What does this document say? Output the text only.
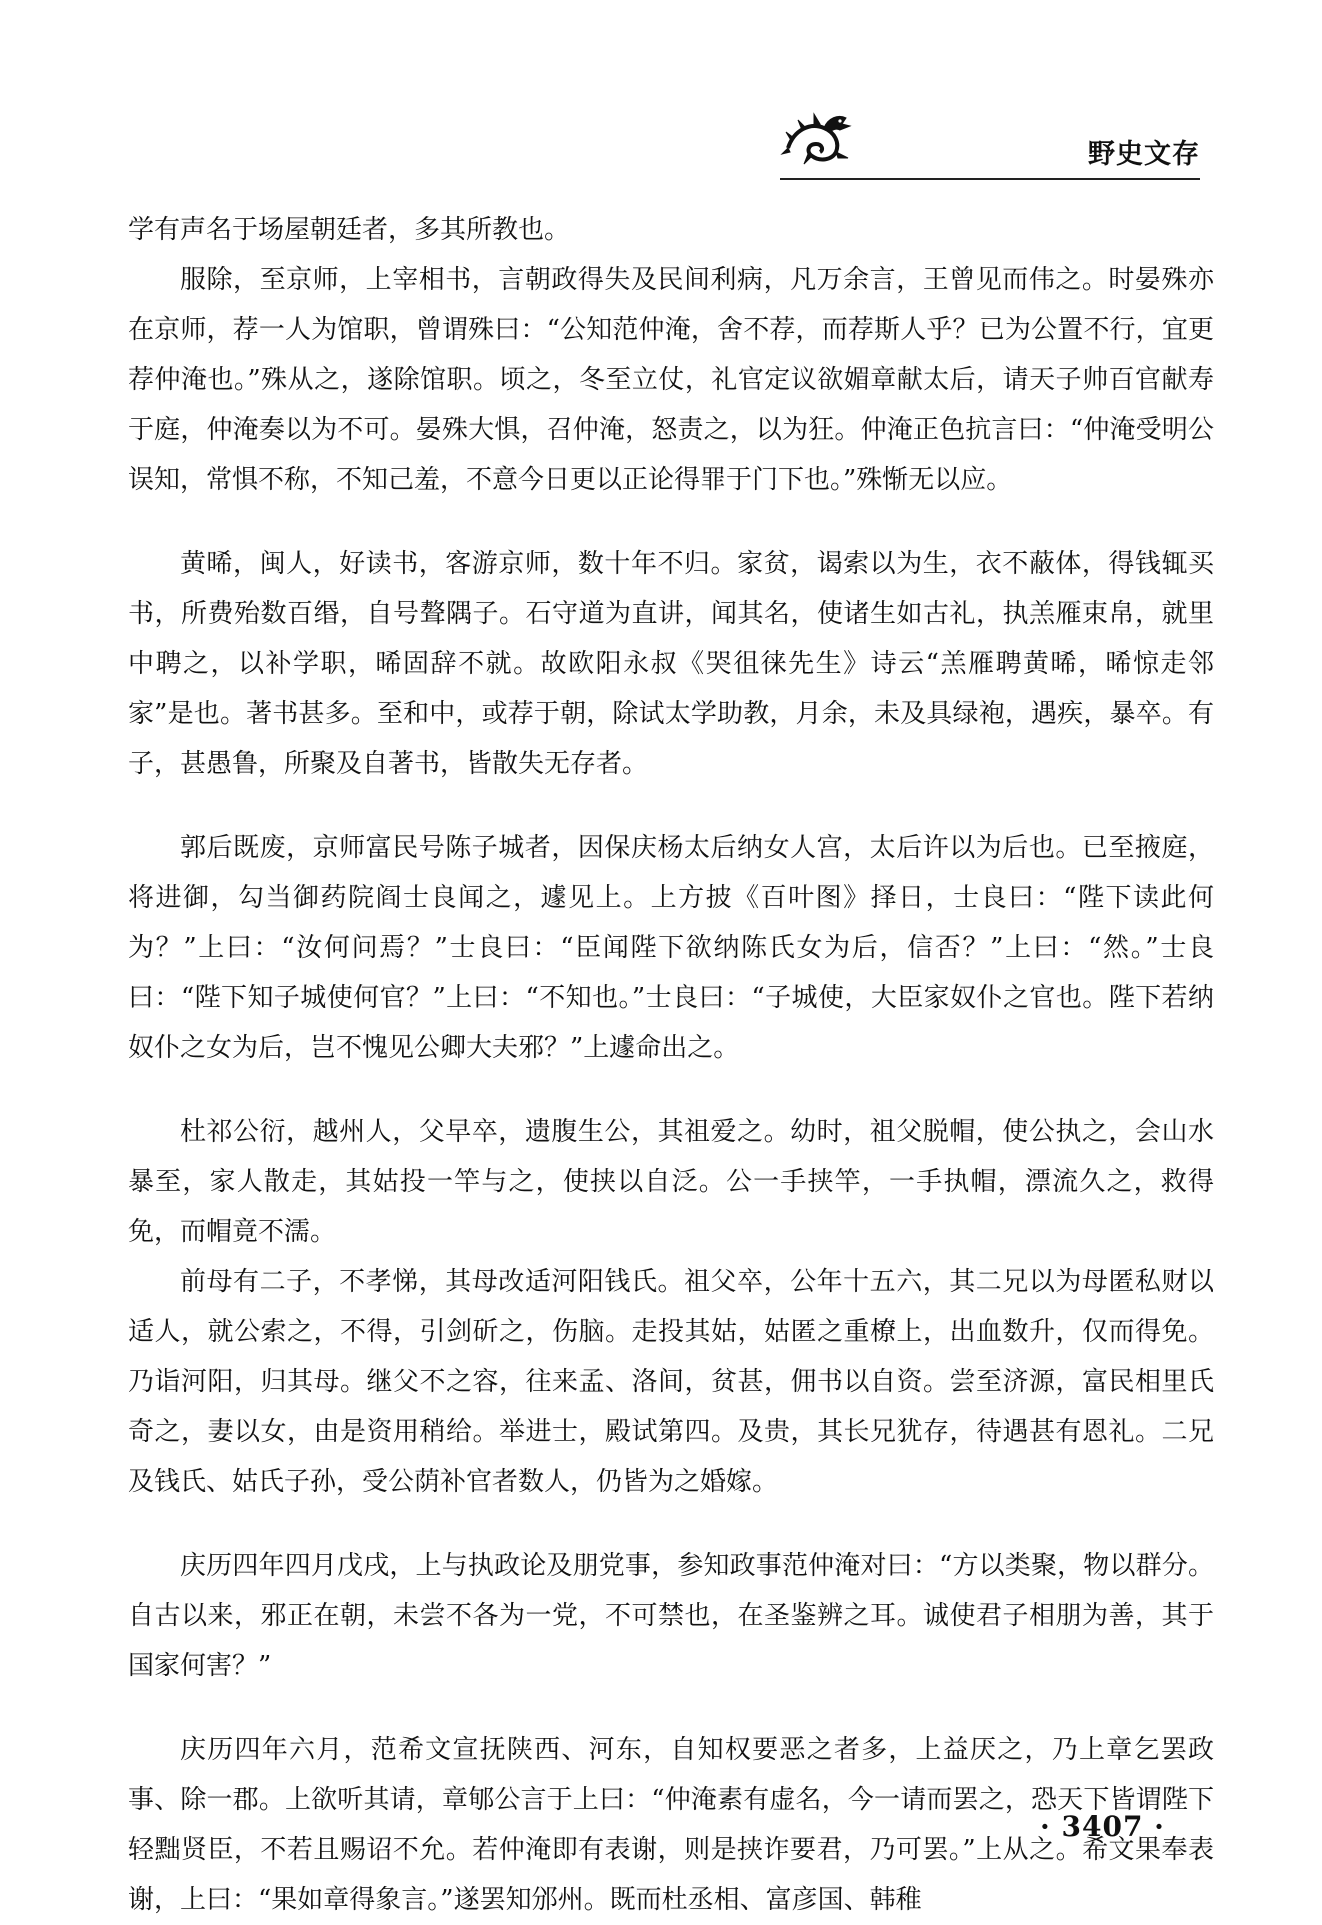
野史文存

学有声名于场屋朝廷者，多其所教也。

服除，至京师，上宰相书，言朝政得失及民间利病，凡万余言，王曾见而伟之。时晏殊亦在京师，荐一人为馆职，曾谓殊曰：“公知范仲淹，舍不荐，而荐斯人乎？已为公置不行，宜更荐仲淹也。”殊从之，遂除馆职。顷之，冬至立仗，礼官定议欲媚章献太后，请天子帅百官献寿于庭，仲淹奏以为不可。晏殊大惧，召仲淹，怒责之，以为狂。仲淹正色抗言曰：“仲淹受明公误知，常惧不称，不知己羞，不意今日更以正论得罪于门下也。”殊惭无以应。

黄晞，闽人，好读书，客游京师，数十年不归。家贫，谒索以为生，衣不蔽体，得钱辄买书，所费殆数百缗，自号聱隅子。石守道为直讲，闻其名，使诸生如古礼，执羔雁束帛，就里中聘之，以补学职，晞固辞不就。故欧阳永叔《哭徂徕先生》诗云“羔雁聘黄晞，晞惊走邻家”是也。著书甚多。至和中，或荐于朝，除试太学助教，月余，未及具绿袍，遇疾，暴卒。有子，甚愚鲁，所聚及自著书，皆散失无存者。

郭后既废，京师富民号陈子城者，因保庆杨太后纳女人宫，太后许以为后也。已至掖庭，将进御，勾当御药院阎士良闻之，遽见上。上方披《百叶图》择日，士良曰：“陛下读此何为？”上曰：“汝何问焉？”士良曰：“臣闻陛下欲纳陈氏女为后，信否？”上曰：“然。”士良曰：“陛下知子城使何官？”上曰：“不知也。”士良曰：“子城使，大臣家奴仆之官也。陛下若纳奴仆之女为后，岂不愧见公卿大夫邪？”上遽命出之。

杜祁公衍，越州人，父早卒，遗腹生公，其祖爱之。幼时，祖父脱帽，使公执之，会山水暴至，家人散走，其姑投一竿与之，使挟以自泛。公一手挟竿，一手执帽，漂流久之，救得免，而帽竟不濡。

前母有二子，不孝悌，其母改适河阳钱氏。祖父卒，公年十五六，其二兄以为母匿私财以适人，就公索之，不得，引剑斫之，伤脑。走投其姑，姑匿之重橑上，出血数升，仅而得免。乃诣河阳，归其母。继父不之容，往来孟、洛间，贫甚，佣书以自资。尝至济源，富民相里氏奇之，妻以女，由是资用稍给。举进士，殿试第四。及贵，其长兄犹存，待遇甚有恩礼。二兄及钱氏、姑氏子孙，受公荫补官者数人，仍皆为之婚嫁。

庆历四年四月戊戌，上与执政论及朋党事，参知政事范仲淹对曰：“方以类聚，物以群分。自古以来，邪正在朝，未尝不各为一党，不可禁也，在圣鉴辨之耳。诚使君子相朋为善，其于国家何害？”

庆历四年六月，范希文宣抚陕西、河东，自知权要恶之者多，上益厌之，乃上章乞罢政事、除一郡。上欲听其请，章郇公言于上曰：“仲淹素有虚名，今一请而罢之，恐天下皆谓陛下轻黜贤臣，不若且赐诏不允。若仲淹即有表谢，则是挟诈要君，乃可罢。”上从之。希文果奉表谢，上曰：“果如章得象言。”遂罢知邠州。既而杜丞相、富彦国、韩稚

· 3407 ·
